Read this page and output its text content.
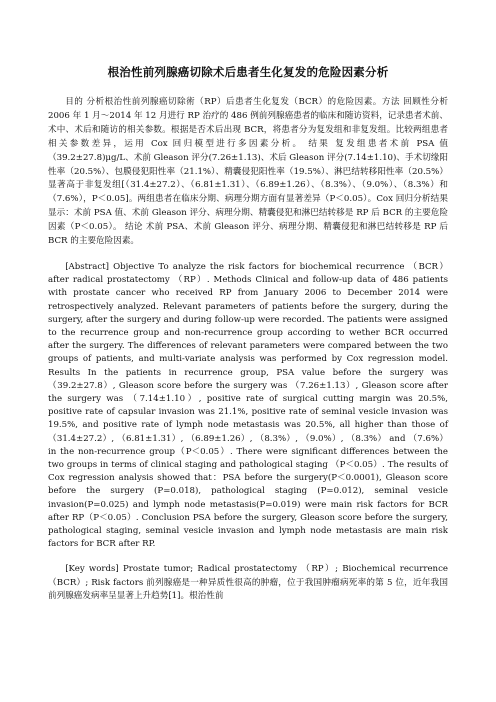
根治性前列腺癌切除术后患者生化复发的危险因素分析

目的 分析根治性前列腺癌切除術（RP）后患者生化复发（BCR）的危险因素。方法 回顾性分析 2006 年 1 月～2014 年 12 月进行 RP 治疗的 486 例前列腺癌患者的临床和随访资料，记录患者术前、术中、术后和随访的相关参数。根据是否术后出现 BCR，将患者分为复发组和非复发组。比较两组患者相关参数差异，运用 Cox 回归模型进行多因素分析。 结果 复发组患者术前 PSA 值（39.2±27.8)μg/L、术前 Gleason 评分(7.26±1.13)、术后 Gleason 评分(7.14±1.10)、手术切缘阳性率（20.5%）、包膜侵犯阳性率（21.1%）、精囊侵犯阳性率（19.5%）、淋巴结转移阳性率（20.5%）显著高于非复发组[（31.4±27.2）、（6.81±1.31）、（6.89±1.26）、（8.3%）、（9.0%）、（8.3%）和（7.6%），P＜0.05]。两组患者在临床分期、病理分期方面有显著差异（P＜0.05）。Cox 回归分析结果显示：术前 PSA 值、术前 Gleason 评分、病理分期、精囊侵犯和淋巴结转移是 RP 后 BCR 的主要危险因素（P＜0.05）。 结论 术前 PSA、术前 Gleason 评分、病理分期、精囊侵犯和淋巴结转移是 RP 后 BCR 的主要危险因素。

[Abstract] Objective To analyze the risk factors for biochemical recurrence （BCR） after radical prostatectomy （RP）. Methods Clinical and follow-up data of 486 patients with prostate cancer who received RP from January 2006 to December 2014 were retrospectively analyzed. Relevant parameters of patients before the surgery, during the surgery, after the surgery and during follow-up were recorded. The patients were assigned to the recurrence group and non-recurrence group according to wether BCR occurred after the surgery. The differences of relevant parameters were compared between the two groups of patients, and multi-variate analysis was performed by Cox regression model. Results In the patients in recurrence group, PSA value before the surgery was（39.2±27.8）, Gleason score before the surgery was （7.26±1.13）, Gleason score after the surgery was （7.14±1.10）, positive rate of surgical cutting margin was 20.5%, positive rate of capsular invasion was 21.1%, positive rate of seminal vesicle invasion was 19.5%, and positive rate of lymph node metastasis was 20.5%, all higher than those of （31.4±27.2）, （6.81±1.31）, （6.89±1.26）, （8.3%）, （9.0%）, （8.3%） and （7.6%） in the non-recurrence group（P＜0.05）. There were significant differences between the two groups in terms of clinical staging and pathological staging （P＜0.05）. The results of Cox regression analysis showed that：PSA before the surgery(P＜0.0001), Gleason score before the surgery (P=0.018), pathological staging (P=0.012), seminal vesicle invasion(P=0.025) and lymph node metastasis(P=0.019) were main risk factors for BCR after RP（P＜0.05）. Conclusion PSA before the surgery, Gleason score before the surgery, pathological staging, seminal vesicle invasion and lymph node metastasis are main risk factors for BCR after RP.

[Key words] Prostate tumor; Radical prostatectomy （RP）; Biochemical recurrence （BCR）; Risk factors 前列腺癌是一种异质性很高的肿瘤，位于我国肿瘤病死率的第 5 位，近年我国前列腺癌发病率呈显著上升趋势[1]。根治性前
